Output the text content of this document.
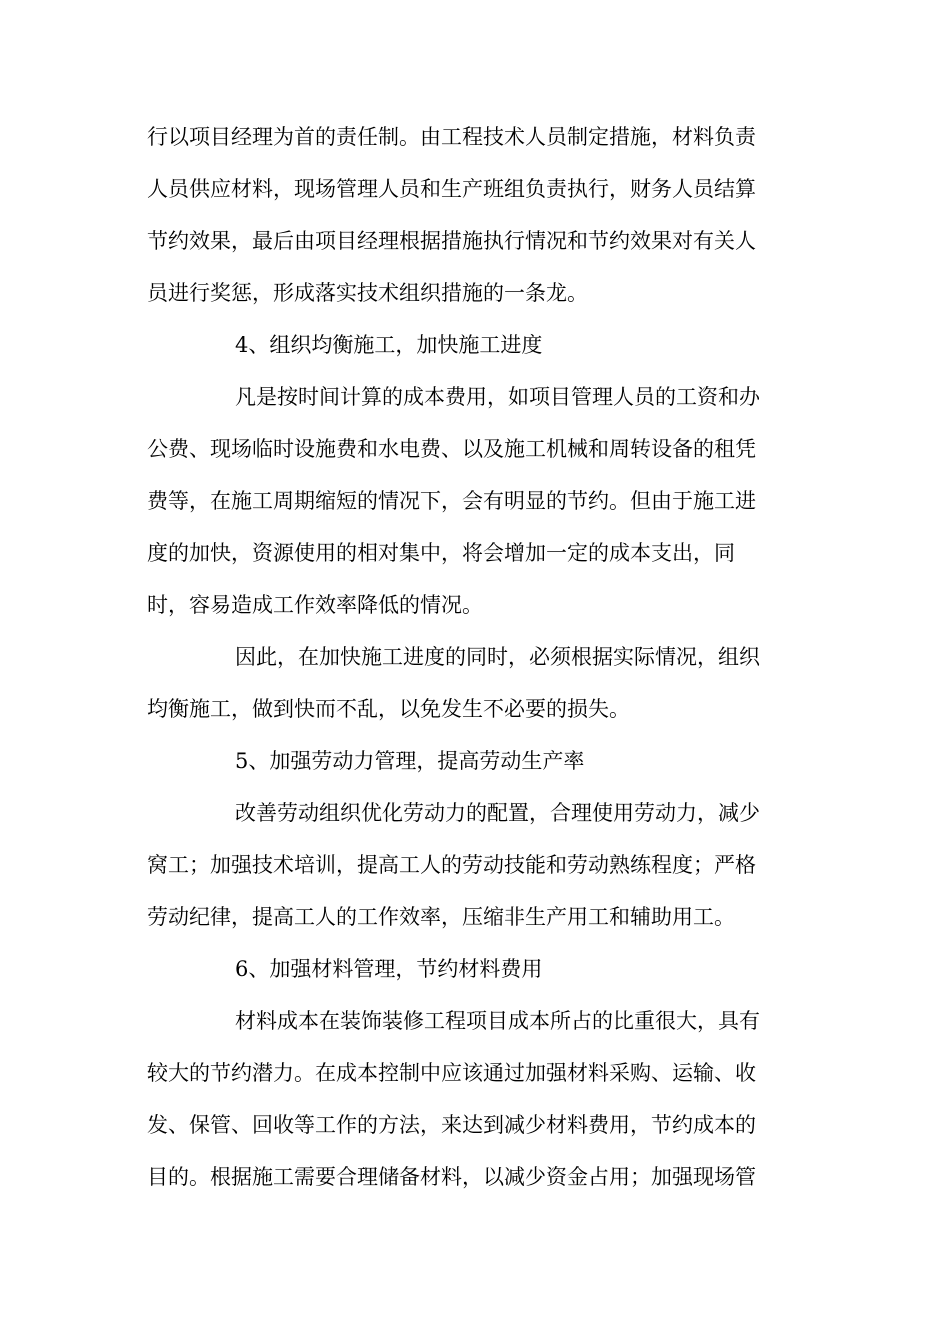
行以项目经理为首的责任制。由工程技术人员制定措施，材料负责
人员供应材料，现场管理人员和生产班组负责执行，财务人员结算
节约效果，最后由项目经理根据措施执行情况和节约效果对有关人
员进行奖惩，形成落实技术组织措施的一条龙。
4、组织均衡施工，加快施工进度
凡是按时间计算的成本费用，如项目管理人员的工资和办
公费、现场临时设施费和水电费、以及施工机械和周转设备的租凭
费等，在施工周期缩短的情况下，会有明显的节约。但由于施工进
度的加快，资源使用的相对集中，将会增加一定的成本支出，同
时，容易造成工作效率降低的情况。
因此，在加快施工进度的同时，必须根据实际情况，组织
均衡施工，做到快而不乱，以免发生不必要的损失。
5、加强劳动力管理，提高劳动生产率
改善劳动组织优化劳动力的配置，合理使用劳动力，减少
窝工；加强技术培训，提高工人的劳动技能和劳动熟练程度；严格
劳动纪律，提高工人的工作效率，压缩非生产用工和辅助用工。
6、加强材料管理，节约材料费用
材料成本在装饰装修工程项目成本所占的比重很大，具有
较大的节约潜力。在成本控制中应该通过加强材料采购、运输、收
发、保管、回收等工作的方法，来达到减少材料费用，节约成本的
目的。根据施工需要合理储备材料，以减少资金占用；加强现场管
